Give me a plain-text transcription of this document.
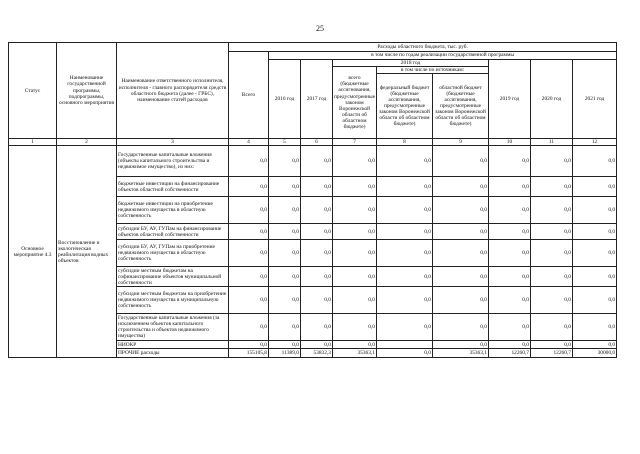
25
Статус	Наименование государственной программы, подпрограммы, основного мероприятия	Наименование ответственного исполнителя, исполнителя - главного распорядителя средств областного бюджета (далее - ГРБС), наименование статей расходов	Расходы областного бюджета, тыс. руб.								
			Всего	в том числе по годам реализации государственной программы							
				2016 год	2017 год	2018 год			2019 год	2020 год	2021 год
						всего (бюджетные ассигнования, предусмотренные законом Воронежской области об областном бюджете)	в том числе по источникам:				
							федеральный бюджет (бюджетные ассигнования, предусмотренные законом Воронежской области об областном бюджете)	областной бюджет (бюджетные ассигнования, предусмотренные законом Воронежской области об областном бюджете)			
1	2	3	4	5	6	7	8	9	10	11	12
Основное мероприятие 4.3	Восстановление и экологическая реабилитация водных объектов	Государственные капитальные вложения (объекты капитального строительства и недвижимое имущество), из них:	0,0	0,0	0,0	0,0	0,0	0,0	0,0	0,0	0,0
		бюджетные инвестиции на финансирование объектов областной собственности	0,0	0,0	0,0	0,0	0,0	0,0	0,0	0,0	0,0
		бюджетные инвестиции на приобретение недвижимого имущества в областную собственность	0,0	0,0	0,0	0,0	0,0	0,0	0,0	0,0	0,0
		субсидии БУ, АУ, ГУПам на финансирование объектов областной собственности	0,0	0,0	0,0	0,0	0,0	0,0	0,0	0,0	0,0
		субсидии БУ, АУ, ГУПам на приобретение недвижимого имущества в областную собственность	0,0	0,0	0,0	0,0	0,0	0,0	0,0	0,0	0,0
		субсидии местным бюджетам на софинансирование объектов муниципальной собственности	0,0	0,0	0,0	0,0	0,0	0,0	0,0	0,0	0,0
		субсидии местным бюджетам на приобретение недвижимого имущества в муниципальную собственность	0,0	0,0	0,0	0,0	0,0	0,0	0,0	0,0	0,0
		Государственные капитальные вложения (за исключением объектов капитального строительства и объектов недвижимого имущества)	0,0	0,0	0,0	0,0	0,0	0,0	0,0	0,0	0,0
		НИОКР	0,0	0,0	0,0	0,0		0,0	0,0	0,0	0,0
		ПРОЧИЕ расходы	155105,8	11389,0	53832,3	35363,1	0,0	35363,1	12260,7	12260,7	30000,0
